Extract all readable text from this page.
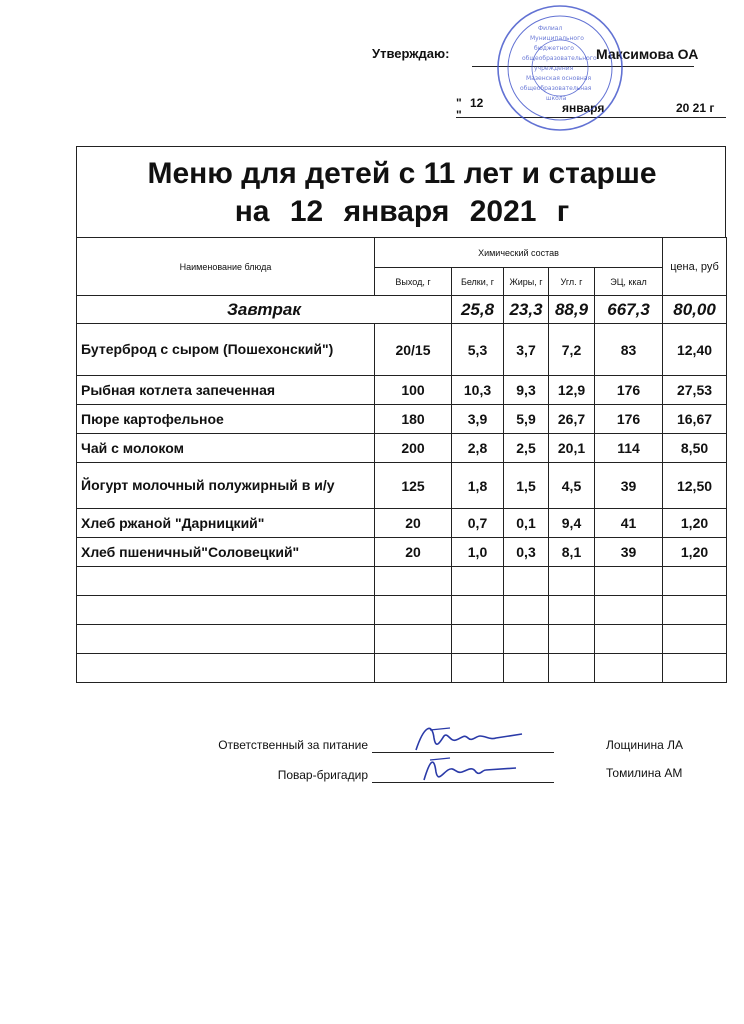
Утверждаю:	Максимова ОА
" 12
"	января	20 21 г
Филиал
Муниципального
бюджетного
общеобразовательного
учреждения
Мазенская основная
общеобразовательная
школа
Меню для детей с 11 лет и старше
на 12 января 2021 г
Наименование блюда	Химический состав					цена, руб
	Выход, г	Белки, г	Жиры, г	Угл. г	ЭЦ, ккал	
Завтрак		25,8	23,3	88,9	667,3	80,00
Бутерброд с сыром (Пошехонский")	20/15	5,3	3,7	7,2	83	12,40
Рыбная котлета запеченная	100	10,3	9,3	12,9	176	27,53
Пюре картофельное	180	3,9	5,9	26,7	176	16,67
Чай с молоком	200	2,8	2,5	20,1	114	8,50
Йогурт молочный полужирный в и/у	125	1,8	1,5	4,5	39	12,50
Хлеб ржаной "Дарницкий"	20	0,7	0,1	9,4	41	1,20
Хлеб пшеничный"Соловецкий"	20	1,0	0,3	8,1	39	1,20

Ответственный за питание	Лощинина ЛА
Повар-бригадир	Томилина АМ
